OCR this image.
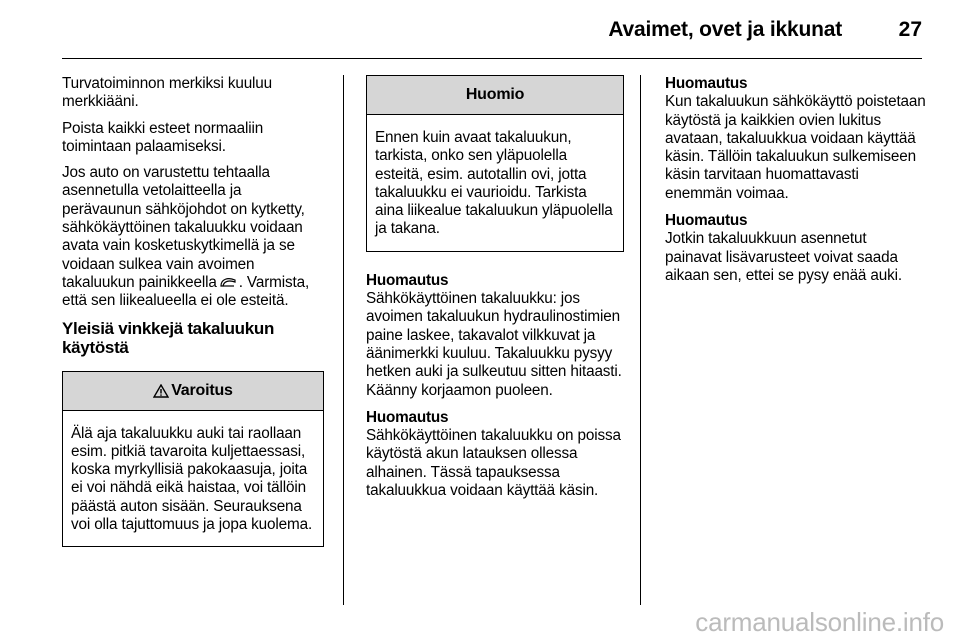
Avaimet, ovet ja ikkunat	27

Turvatoiminnon merkiksi kuuluu merkkiääni.

Poista kaikki esteet normaaliin toimintaan palaamiseksi.

Jos auto on varustettu tehtaalla asennetulla vetolaitteella ja perävaunun sähköjohdot on kytketty, sähkökäyttöinen takaluukku voidaan avata vain kosketuskytkimellä ja se voidaan sulkea vain avoimen takaluukun painikkeella . Varmista, että sen liikealueella ei ole esteitä.

Yleisiä vinkkejä takaluukun käytöstä
Varoitus
Älä aja takaluukku auki tai raollaan esim. pitkiä tavaroita kuljettaessasi, koska myrkyllisiä pakokaasuja, joita ei voi nähdä eikä haistaa, voi tällöin päästä auton sisään. Seurauksena voi olla tajuttomuus ja jopa kuolema.
Huomio
Ennen kuin avaat takaluukun, tarkista, onko sen yläpuolella esteitä, esim. autotallin ovi, jotta takaluukku ei vaurioidu. Tarkista aina liikealue takaluukun yläpuolella ja takana.
Huomautus
Sähkökäyttöinen takaluukku: jos avoimen takaluukun hydraulinostimien paine laskee, takavalot vilkkuvat ja äänimerkki kuuluu. Takaluukku pysyy hetken auki ja sulkeutuu sitten hitaasti. Käänny korjaamon puoleen.
Huomautus
Sähkökäyttöinen takaluukku on poissa käytöstä akun latauksen ollessa alhainen. Tässä tapauksessa takaluukkua voidaan käyttää käsin.
Huomautus
Kun takaluukun sähkökäyttö poistetaan käytöstä ja kaikkien ovien lukitus avataan, takaluukkua voidaan käyttää käsin. Tällöin takaluukun sulkemiseen käsin tarvitaan huomattavasti enemmän voimaa.
Huomautus
Jotkin takaluukkuun asennetut painavat lisävarusteet voivat saada aikaan sen, ettei se pysy enää auki.
carmanualsonline.info
